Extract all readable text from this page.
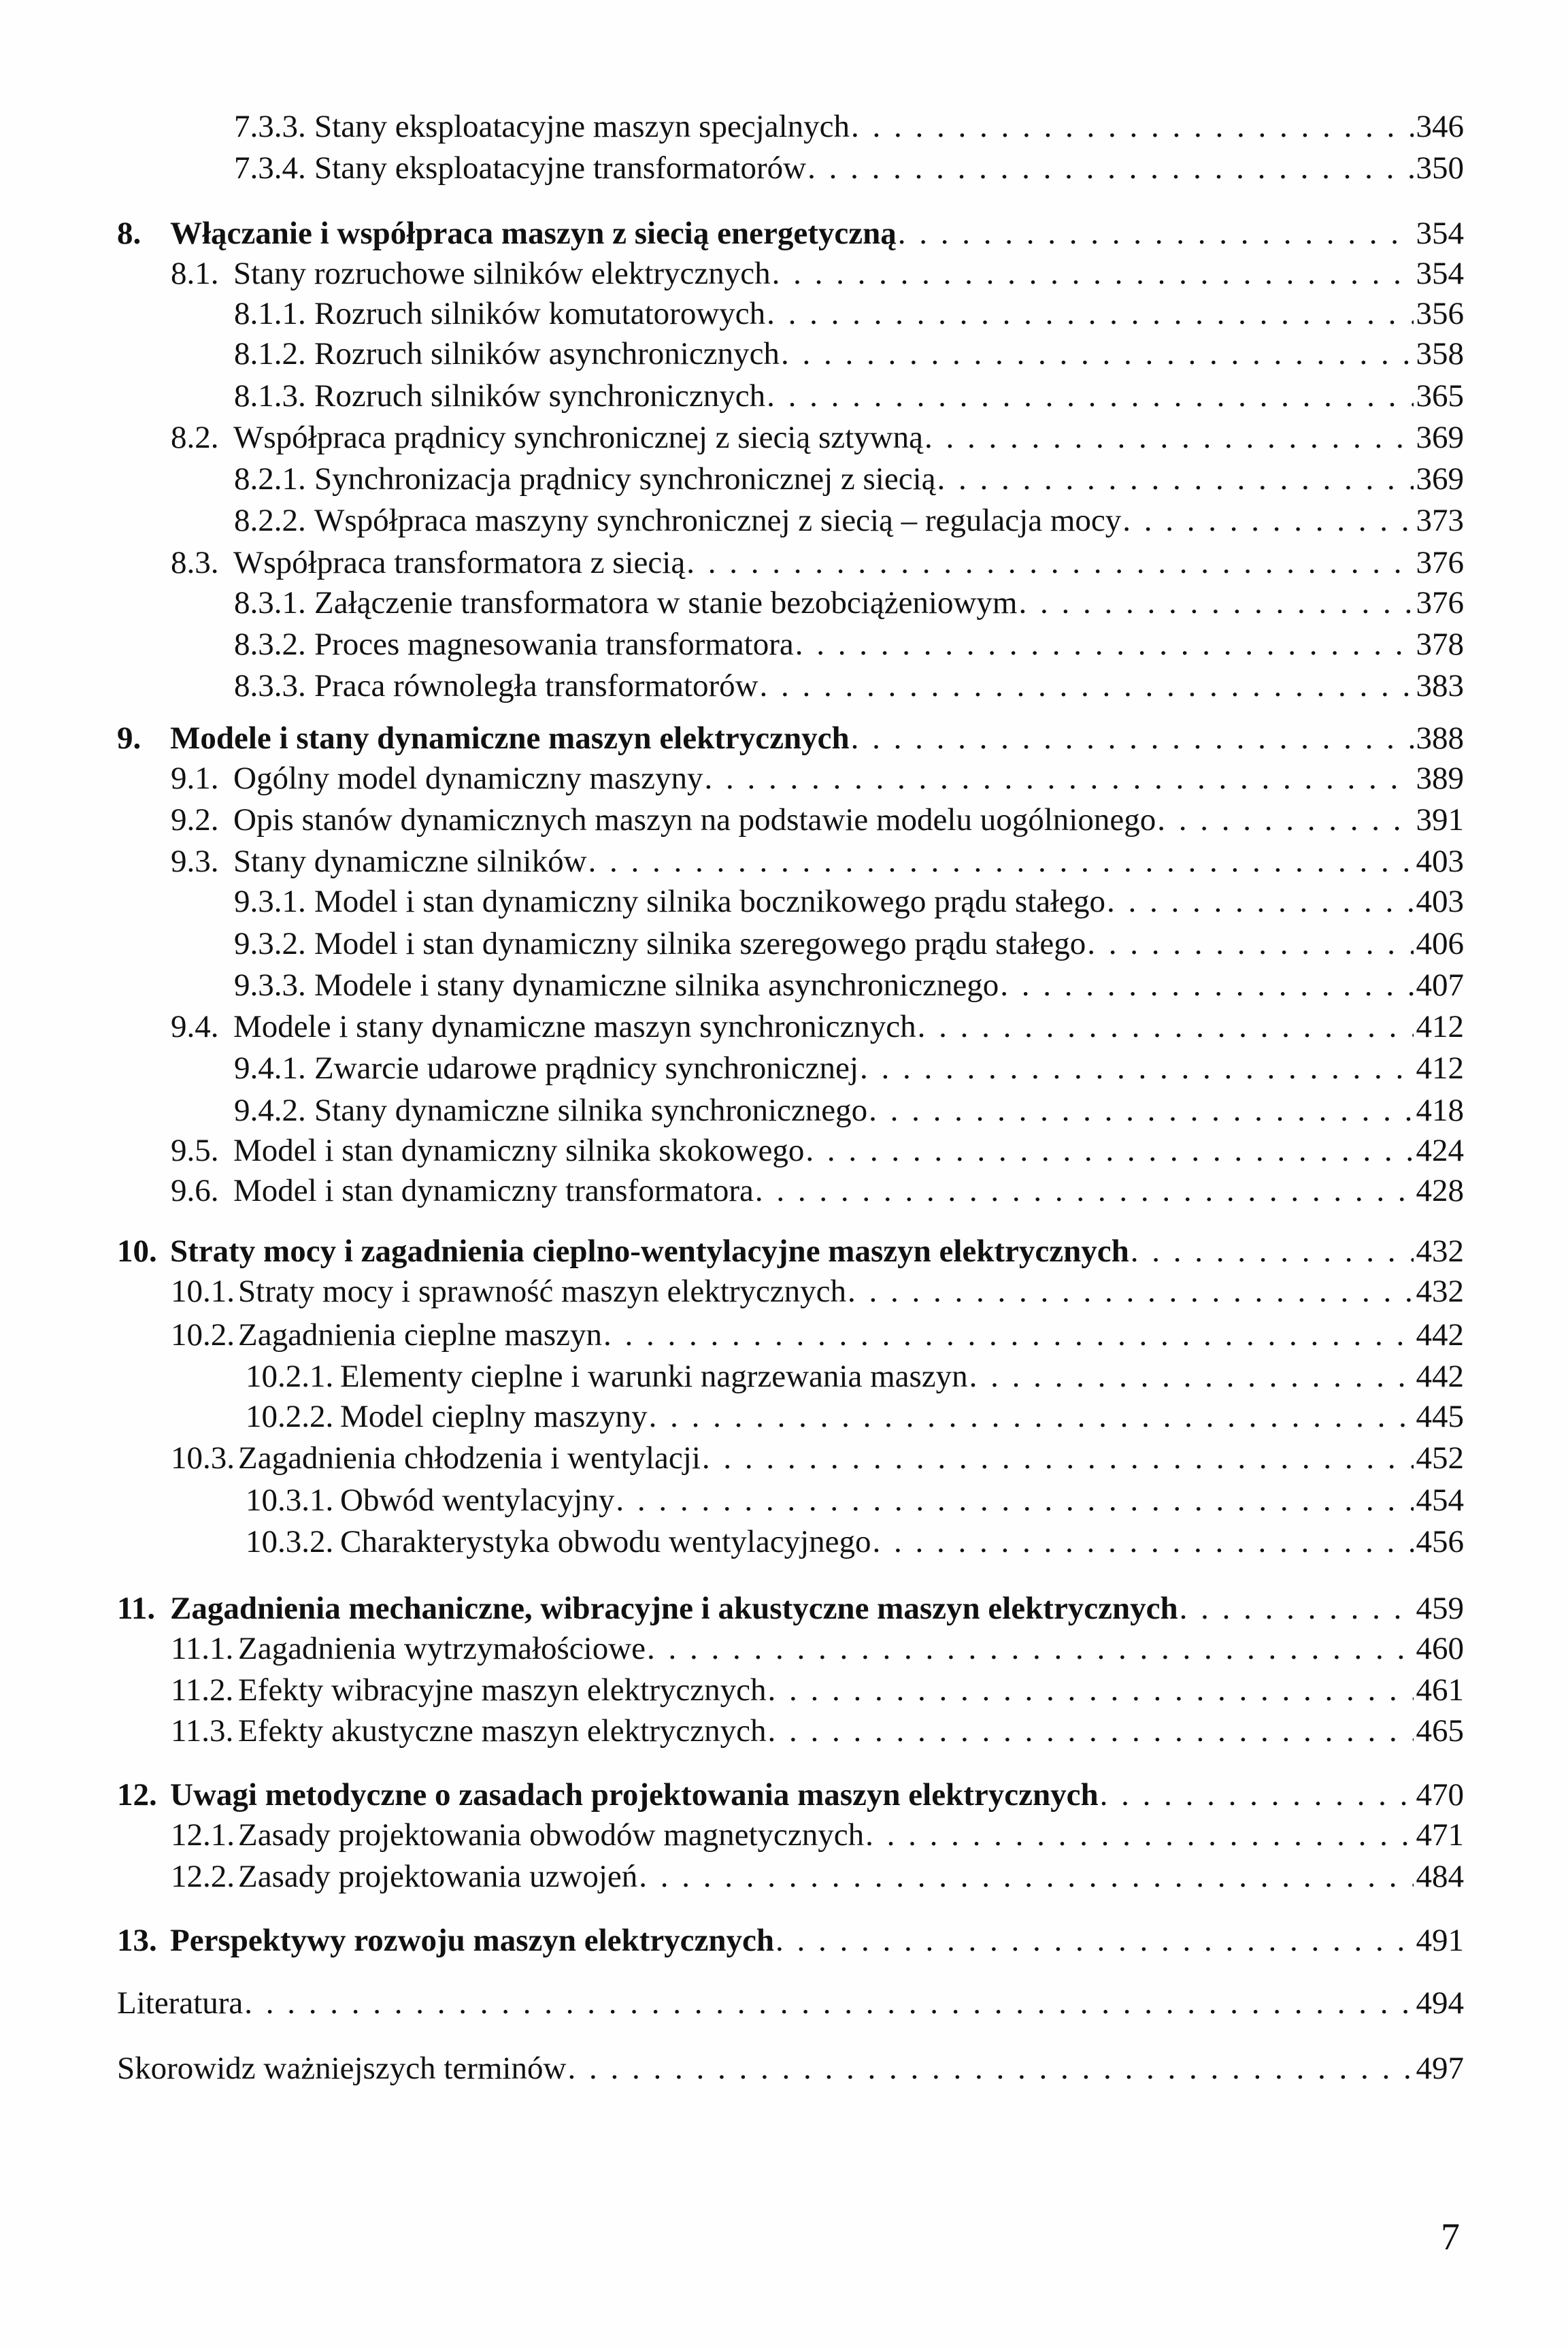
7.3.3. Stany eksploatacyjne maszyn specjalnych . . .	346
7.3.4. Stany eksploatacyjne transformatorów . . .	350
8. Włączanie i współpraca maszyn z siecią energetyczną . . .	354
8.1. Stany rozruchowe silników elektrycznych . . .	354
8.1.1. Rozruch silników komutatorowych . . .	356
8.1.2. Rozruch silników asynchronicznych . . .	358
8.1.3. Rozruch silników synchronicznych . . .	365
8.2. Współpraca prądnicy synchronicznej z siecią sztywną . . .	369
8.2.1. Synchronizacja prądnicy synchronicznej z siecią . . .	369
8.2.2. Współpraca maszyny synchronicznej z siecią – regulacja mocy . . .	373
8.3. Współpraca transformatora z siecią . . .	376
8.3.1. Załączenie transformatora w stanie bezobciążeniowym . . .	376
8.3.2. Proces magnesowania transformatora . . .	378
8.3.3. Praca równoległa transformatorów . . .	383
9. Modele i stany dynamiczne maszyn elektrycznych . . .	388
9.1. Ogólny model dynamiczny maszyny . . .	389
9.2. Opis stanów dynamicznych maszyn na podstawie modelu uogólnionego . . .	391
9.3. Stany dynamiczne silników . . .	403
9.3.1. Model i stan dynamiczny silnika bocznikowego prądu stałego . . .	403
9.3.2. Model i stan dynamiczny silnika szeregowego prądu stałego . . .	406
9.3.3. Modele i stany dynamiczne silnika asynchronicznego . . .	407
9.4. Modele i stany dynamiczne maszyn synchronicznych . . .	412
9.4.1. Zwarcie udarowe prądnicy synchronicznej . . .	412
9.4.2. Stany dynamiczne silnika synchronicznego . . .	418
9.5. Model i stan dynamiczny silnika skokowego . . .	424
9.6. Model i stan dynamiczny transformatora . . .	428
10. Straty mocy i zagadnienia cieplno-wentylacyjne maszyn elektrycznych . . .	432
10.1. Straty mocy i sprawność maszyn elektrycznych . . .	432
10.2. Zagadnienia cieplne maszyn . . .	442
10.2.1. Elementy cieplne i warunki nagrzewania maszyn . . .	442
10.2.2. Model cieplny maszyny . . .	445
10.3. Zagadnienia chłodzenia i wentylacji . . .	452
10.3.1. Obwód wentylacyjny . . .	454
10.3.2. Charakterystyka obwodu wentylacyjnego . . .	456
11. Zagadnienia mechaniczne, wibracyjne i akustyczne maszyn elektrycznych . . .	459
11.1. Zagadnienia wytrzymałościowe . . .	460
11.2. Efekty wibracyjne maszyn elektrycznych . . .	461
11.3. Efekty akustyczne maszyn elektrycznych . . .	465
12. Uwagi metodyczne o zasadach projektowania maszyn elektrycznych . . .	470
12.1. Zasady projektowania obwodów magnetycznych . . .	471
12.2. Zasady projektowania uzwojeń . . .	484
13. Perspektywy rozwoju maszyn elektrycznych . . .	491
Literatura . . .	494
Skorowidz ważniejszych terminów . . .	497
7
